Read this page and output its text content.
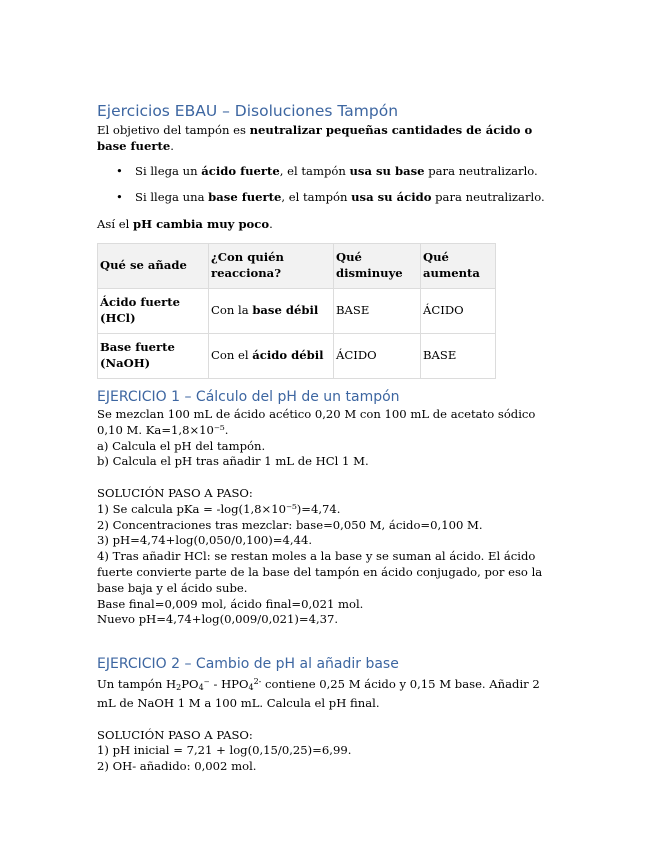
Ejercicios EBAU – Disoluciones Tampón

El objetivo del tampón es neutralizar pequeñas cantidades de ácido o base fuerte.

• Si llega un ácido fuerte, el tampón usa su base para neutralizarlo.
• Si llega una base fuerte, el tampón usa su ácido para neutralizarlo.

Así el pH cambia muy poco.

Qué se añade	¿Con quién reacciona?	Qué disminuye	Qué aumenta
Ácido fuerte (HCl)	Con la base débil	BASE	ÁCIDO
Base fuerte (NaOH)	Con el ácido débil	ÁCIDO	BASE
EJERCICIO 1 – Cálculo del pH de un tampón

Se mezclan 100 mL de ácido acético 0,20 M con 100 mL de acetato sódico 0,10 M. Ka=1,8×10⁻⁵.

a) Calcula el pH del tampón.

b) Calcula el pH tras añadir 1 mL de HCl 1 M.

SOLUCIÓN PASO A PASO:

1) Se calcula pKa = -log(1,8×10⁻⁵)=4,74.

2) Concentraciones tras mezclar: base=0,050 M, ácido=0,100 M.

3) pH=4,74+log(0,050/0,100)=4,44.

4) Tras añadir HCl: se restan moles a la base y se suman al ácido. El ácido fuerte convierte parte de la base del tampón en ácido conjugado, por eso la base baja y el ácido sube.

Base final=0,009 mol, ácido final=0,021 mol.

Nuevo pH=4,74+log(0,009/0,021)=4,37.

EJERCICIO 2 – Cambio de pH al añadir base

Un tampón $H_2PO_4^- - HPO_4^{2-}$ contiene 0,25 M ácido y 0,15 M base. Añadir 2 mL de NaOH 1 M a 100 mL. Calcula el pH final.

SOLUCIÓN PASO A PASO:

1) pH inicial = 7,21 + log(0,15/0,25)=6,99.

2) OH- añadido: 0,002 mol.
